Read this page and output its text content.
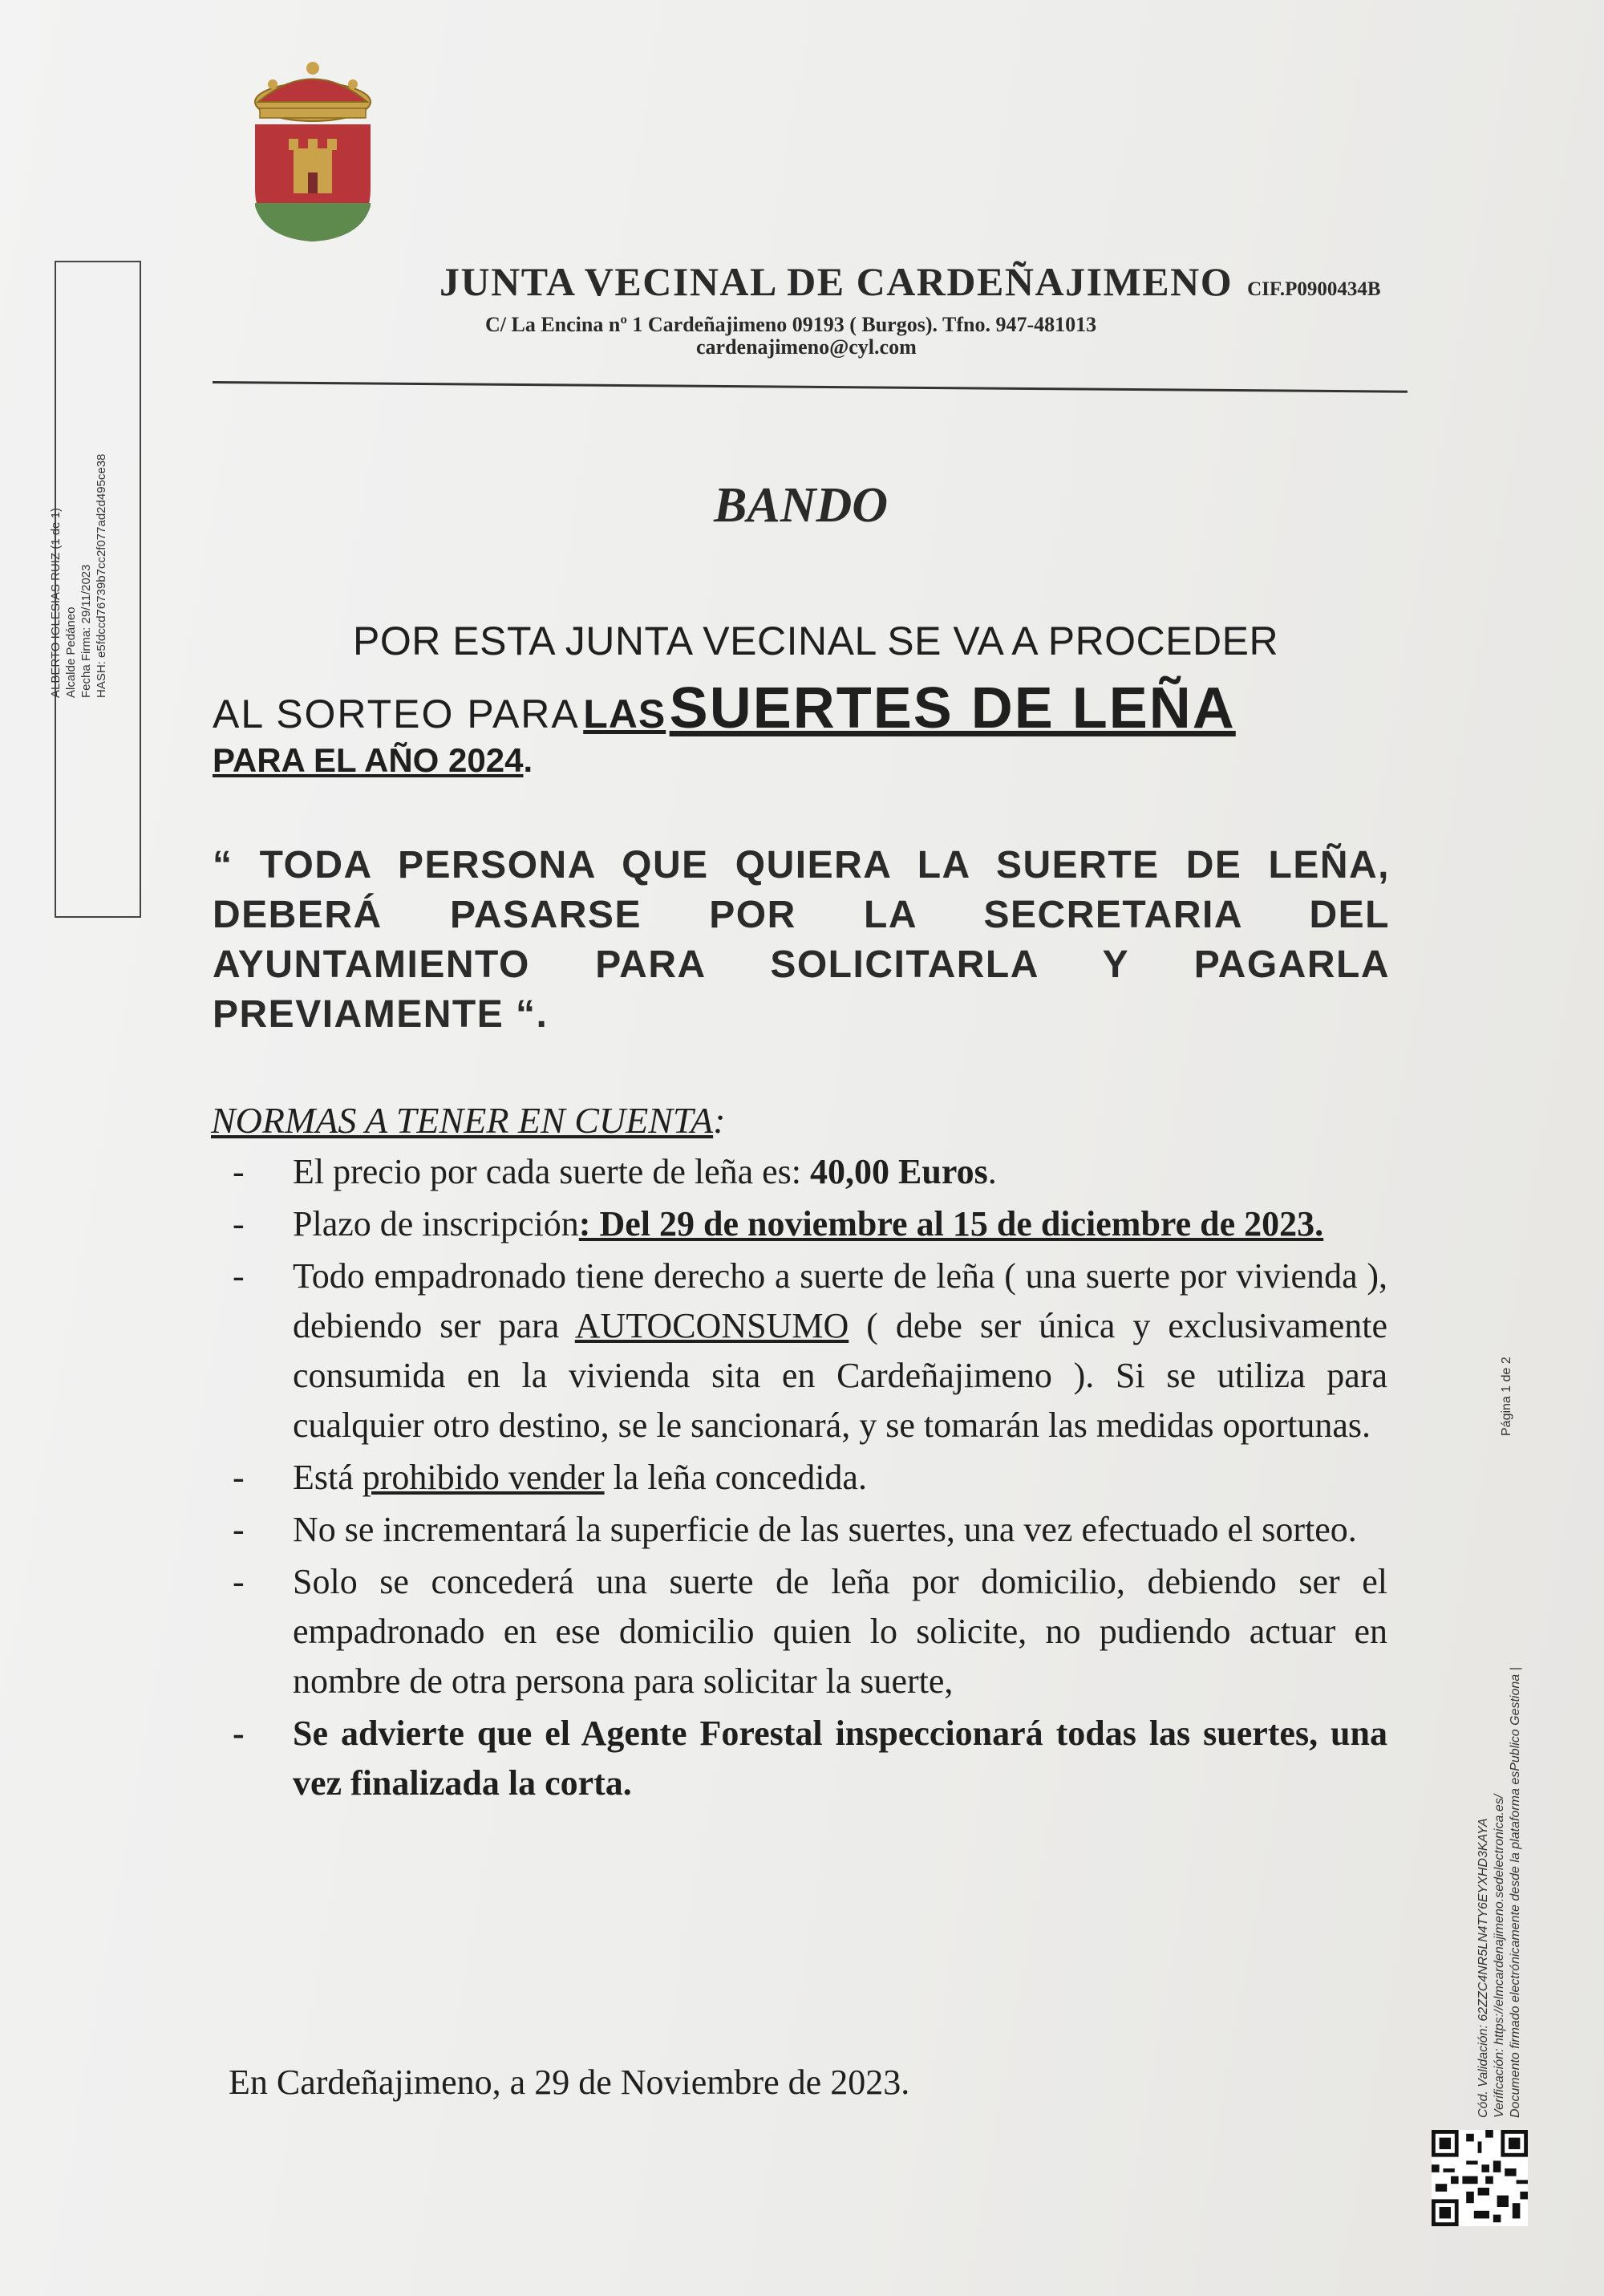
JUNTA VECINAL DE CARDEÑAJIMENO CIF.P0900434B
C/ La Encina nº 1 Cardeñajimeno 09193 ( Burgos). Tfno. 947-481013
cardenajimeno@cyl.com
ALBERTO IGLESIAS RUIZ (1 de 1) Alcalde Pedáneo Fecha Firma: 29/11/2023 HASH: e5fdccd76739b7cc2f077ad2d495ce38	BANDO
POR ESTA JUNTA VECINAL SE VA A PROCEDER
AL SORTEO PARA LAS SUERTES DE LEÑA
PARA EL AÑO 2024.
“ TODA PERSONA QUE QUIERA LA SUERTE DE LEÑA, DEBERÁ PASARSE POR LA SECRETARIA DEL AYUNTAMIENTO PARA SOLICITARLA Y PAGARLA PREVIAMENTE “.
NORMAS A TENER EN CUENTA:
- El precio por cada suerte de leña es: 40,00 Euros.
- Plazo de inscripción: Del 29 de noviembre al 15 de diciembre de 2023.
- Todo empadronado tiene derecho a suerte de leña ( una suerte por vivienda ), debiendo ser para AUTOCONSUMO ( debe ser única y exclusivamente consumida en la vivienda sita en Cardeñajimeno ). Si se utiliza para cualquier otro destino, se le sancionará, y se tomarán las medidas oportunas.
- Está prohibido vender la leña concedida.
- No se incrementará la superficie de las suertes, una vez efectuado el sorteo.
- Solo se concederá una suerte de leña por domicilio, debiendo ser el empadronado en ese domicilio quien lo solicite, no pudiendo actuar en nombre de otra persona para solicitar la suerte,
- Se advierte que el Agente Forestal inspeccionará todas las suertes, una vez finalizada la corta.
En Cardeñajimeno, a 29 de Noviembre de 2023.	Cód. Validación: 62ZZC4NR5LN4TY6EYXHD3KAYA Verificación: https://elmcardenajimeno.sedelectronica.es/ Documento firmado electrónicamente desde la plataforma esPublico Gestiona |
Página 1 de 2
